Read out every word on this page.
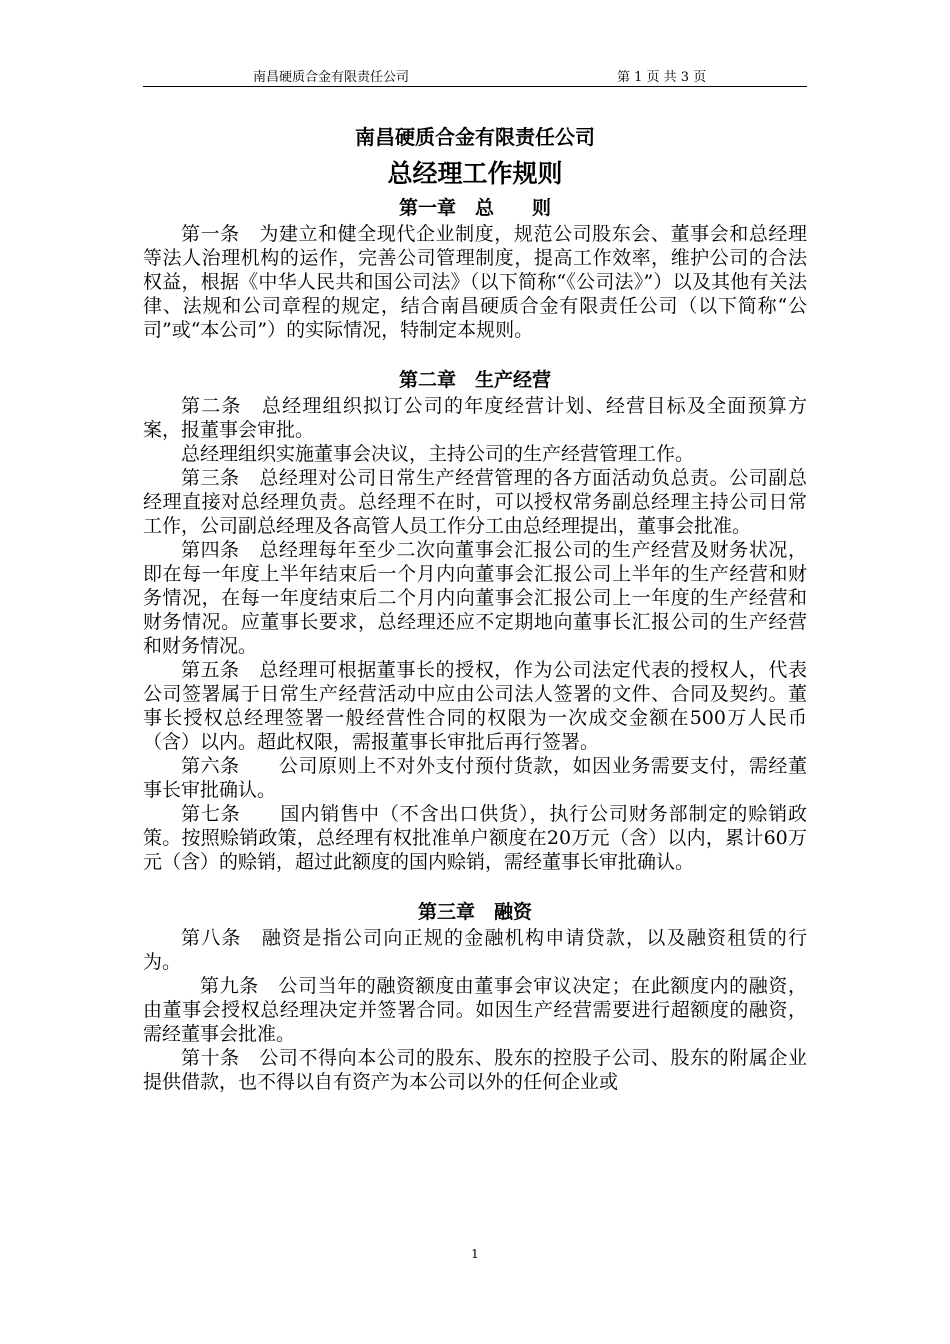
南昌硬质合金有限责任公司	第 1 页 共 3 页
南昌硬质合金有限责任公司
总经理工作规则
第一章　总　　则

第一条　为建立和健全现代企业制度，规范公司股东会、董事会和总经理等法人治理机构的运作，完善公司管理制度，提高工作效率，维护公司的合法权益，根据《中华人民共和国公司法》（以下简称“《公司法》”）以及其他有关法律、法规和公司章程的规定，结合南昌硬质合金有限责任公司（以下简称“公司”或“本公司”）的实际情况，特制定本规则。

第二章　生产经营

第二条　总经理组织拟订公司的年度经营计划、经营目标及全面预算方案，报董事会审批。

总经理组织实施董事会决议，主持公司的生产经营管理工作。

第三条　总经理对公司日常生产经营管理的各方面活动负总责。公司副总经理直接对总经理负责。总经理不在时，可以授权常务副总经理主持公司日常工作，公司副总经理及各高管人员工作分工由总经理提出，董事会批准。

第四条　总经理每年至少二次向董事会汇报公司的生产经营及财务状况，即在每一年度上半年结束后一个月内向董事会汇报公司上半年的生产经营和财务情况，在每一年度结束后二个月内向董事会汇报公司上一年度的生产经营和财务情况。应董事长要求，总经理还应不定期地向董事长汇报公司的生产经营和财务情况。

第五条　总经理可根据董事长的授权，作为公司法定代表的授权人，代表公司签署属于日常生产经营活动中应由公司法人签署的文件、合同及契约。董事长授权总经理签署一般经营性合同的权限为一次成交金额在500万人民币（含）以内。超此权限，需报董事长审批后再行签署。

第六条　　公司原则上不对外支付预付货款，如因业务需要支付，需经董事长审批确认。

第七条　　国内销售中（不含出口供货），执行公司财务部制定的赊销政策。按照赊销政策，总经理有权批准单户额度在20万元（含）以内，累计60万元（含）的赊销，超过此额度的国内赊销，需经董事长审批确认。

第三章　融资

第八条　融资是指公司向正规的金融机构申请贷款，以及融资租赁的行为。

第九条　公司当年的融资额度由董事会审议决定；在此额度内的融资，由董事会授权总经理决定并签署合同。如因生产经营需要进行超额度的融资，需经董事会批准。

第十条　公司不得向本公司的股东、股东的控股子公司、股东的附属企业提供借款，也不得以自有资产为本公司以外的任何企业或

1
